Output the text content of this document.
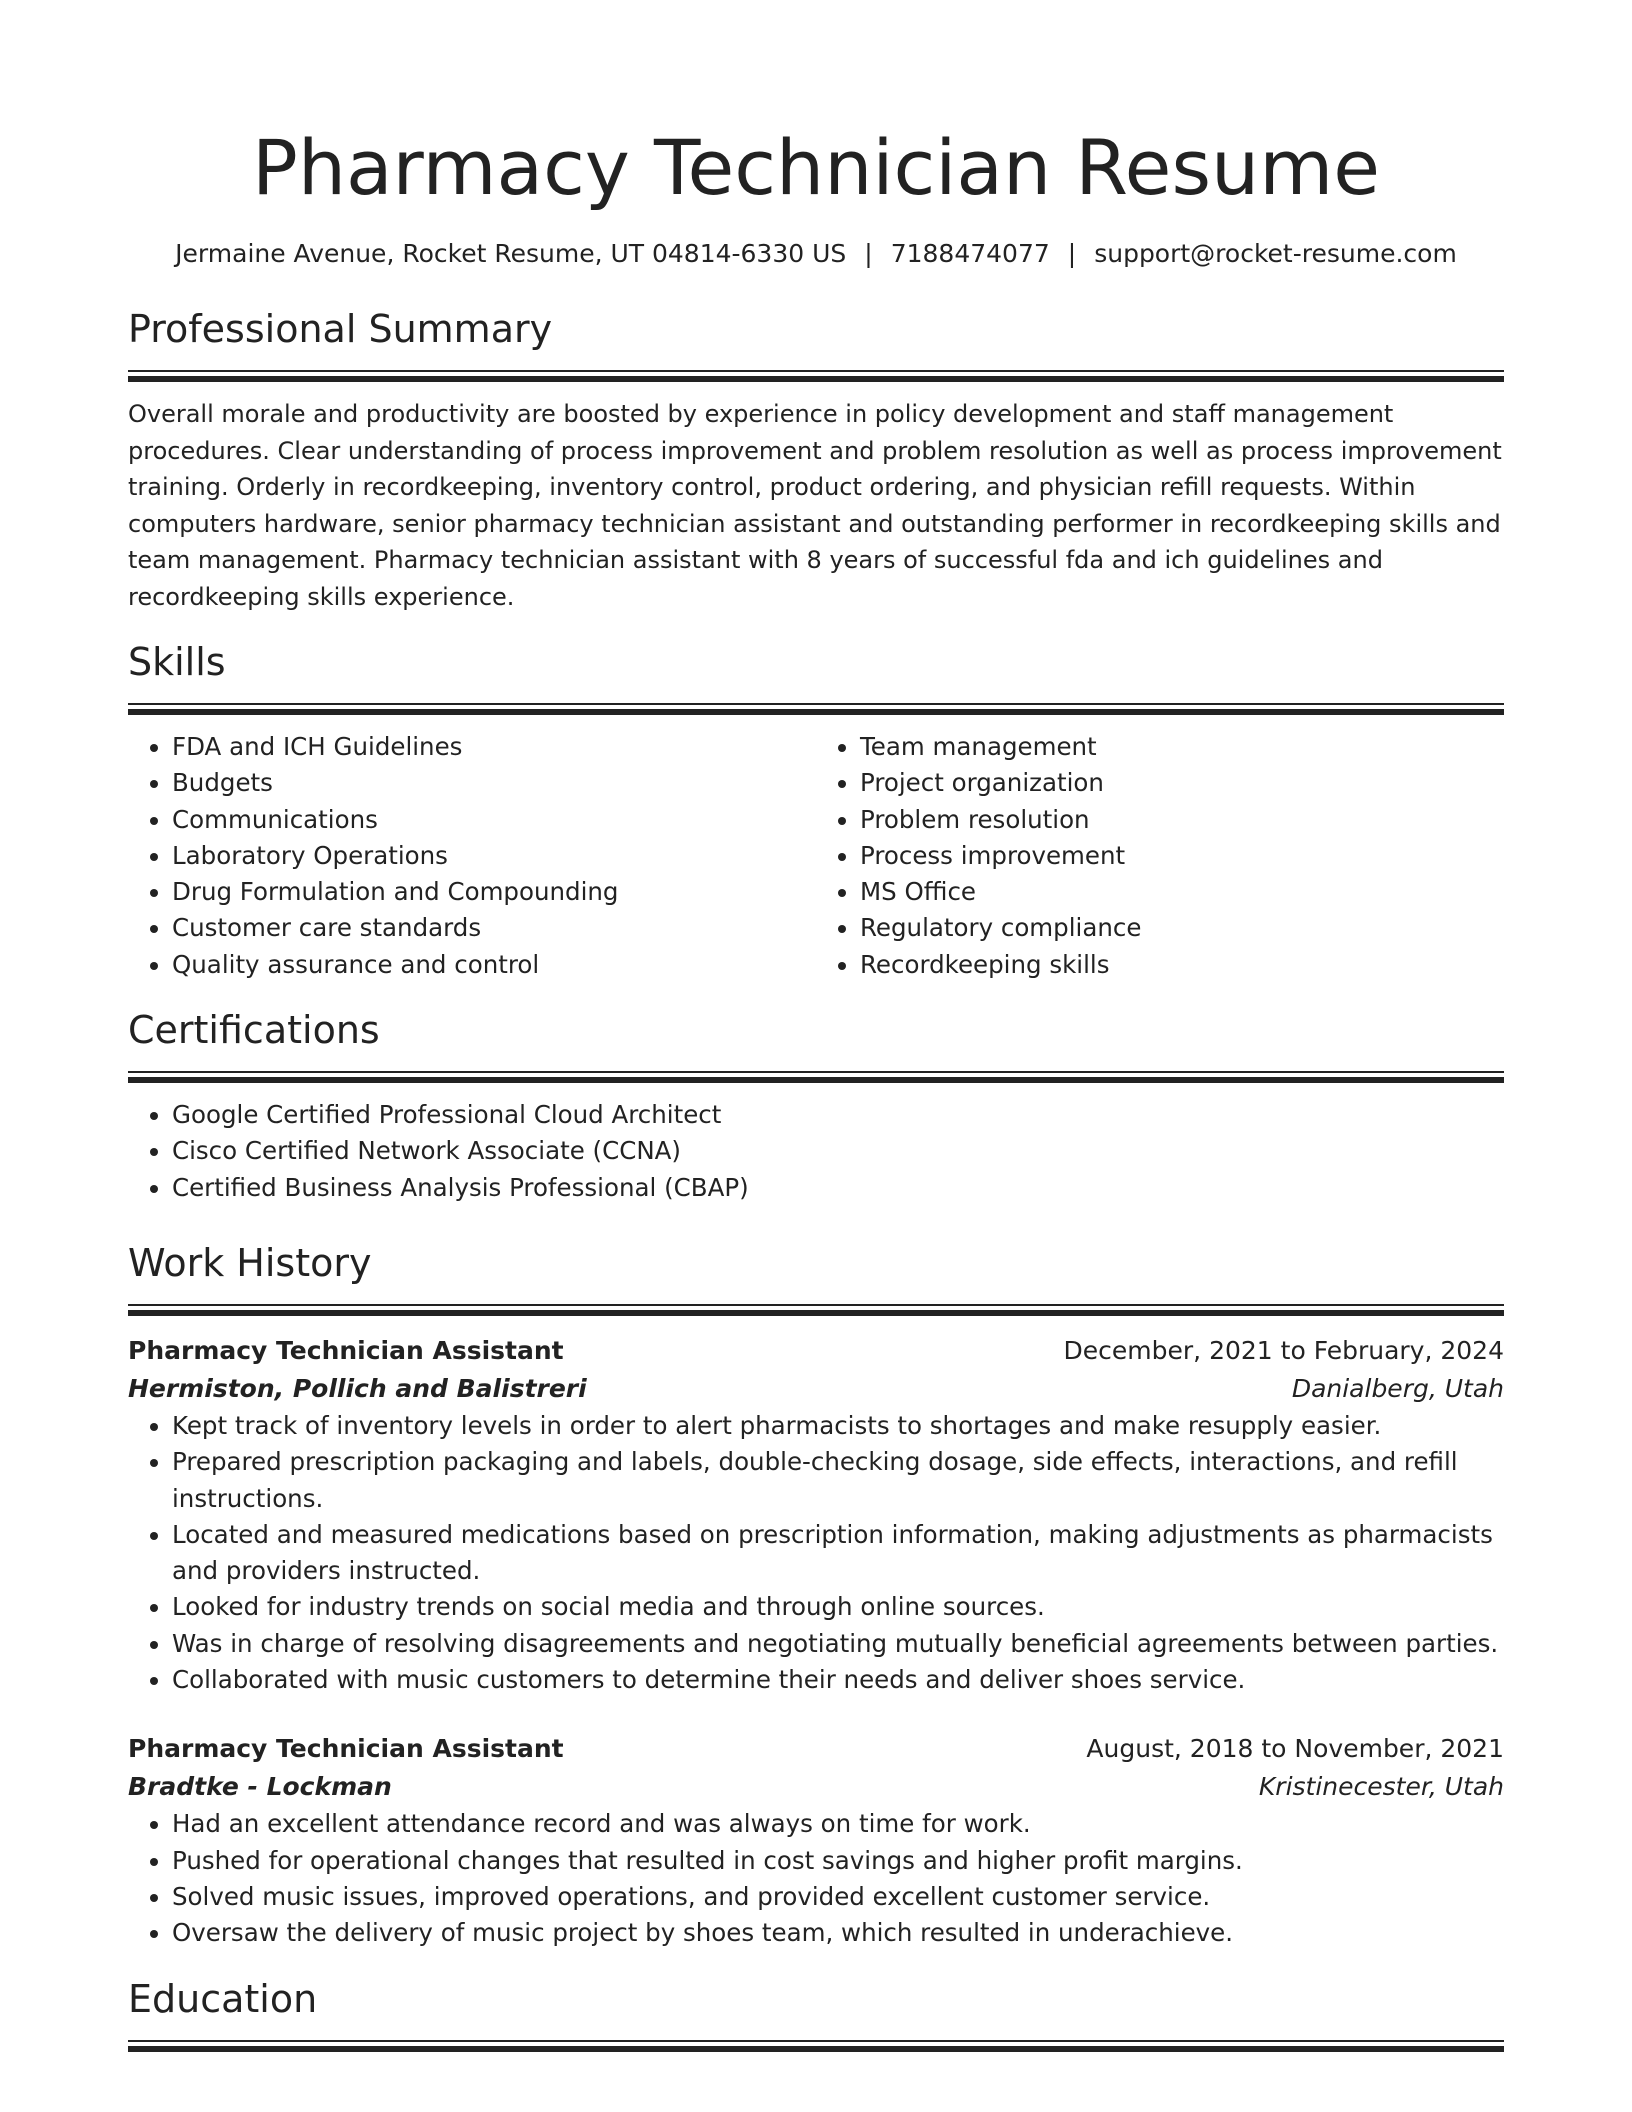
Pharmacy Technician Resume
Jermaine Avenue, Rocket Resume, UT 04814-6330 US | 7188474077 | support@rocket-resume.com
Professional Summary

Overall morale and productivity are boosted by experience in policy development and staff management procedures. Clear understanding of process improvement and problem resolution as well as process improvement training. Orderly in recordkeeping, inventory control, product ordering, and physician refill requests. Within computers hardware, senior pharmacy technician assistant and outstanding performer in recordkeeping skills and team management. Pharmacy technician assistant with 8 years of successful fda and ich guidelines and recordkeeping skills experience.

Skills
• FDA and ICH Guidelines
• Budgets
• Communications
• Laboratory Operations
• Drug Formulation and Compounding
• Customer care standards
• Quality assurance and control
• Team management
• Project organization
• Problem resolution
• Process improvement
• MS Office
• Regulatory compliance
• Recordkeeping skills
Certifications
• Google Certified Professional Cloud Architect
• Cisco Certified Network Associate (CCNA)
• Certified Business Analysis Professional (CBAP)
Work History
Pharmacy Technician Assistant	December, 2021 to February, 2024
Hermiston, Pollich and Balistreri	Danialberg, Utah
• Kept track of inventory levels in order to alert pharmacists to shortages and make resupply easier.
• Prepared prescription packaging and labels, double-checking dosage, side effects, interactions, and refill instructions.
• Located and measured medications based on prescription information, making adjustments as pharmacists and providers instructed.
• Looked for industry trends on social media and through online sources.
• Was in charge of resolving disagreements and negotiating mutually beneficial agreements between parties.
• Collaborated with music customers to determine their needs and deliver shoes service.
Pharmacy Technician Assistant	August, 2018 to November, 2021
Bradtke - Lockman	Kristinecester, Utah
• Had an excellent attendance record and was always on time for work.
• Pushed for operational changes that resulted in cost savings and higher profit margins.
• Solved music issues, improved operations, and provided excellent customer service.
• Oversaw the delivery of music project by shoes team, which resulted in underachieve.
Education
